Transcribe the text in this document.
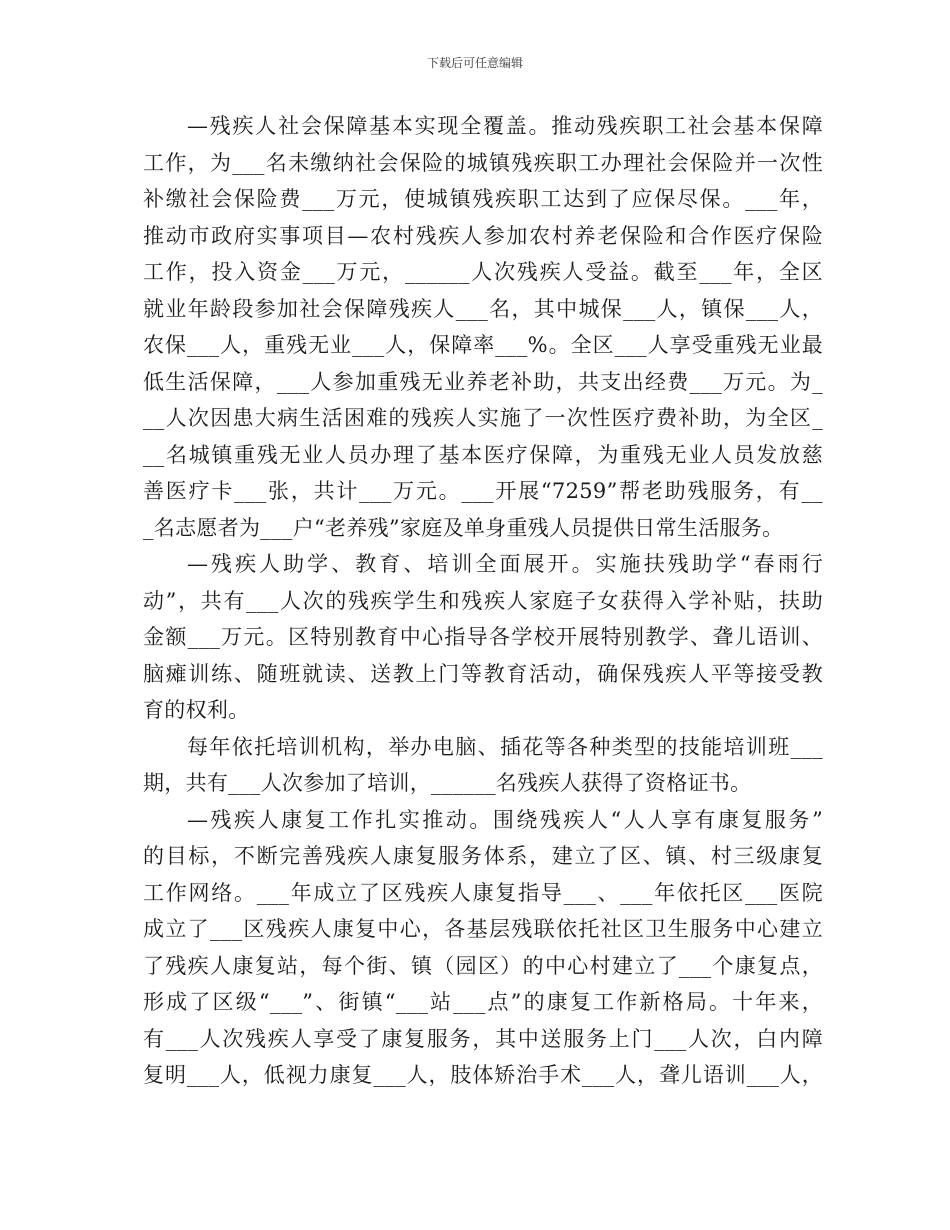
下载后可任意编辑
—残疾人社会保障基本实现全覆盖。推动残疾职工社会基本保障
工作，为___名未缴纳社会保险的城镇残疾职工办理社会保险并一次性
补缴社会保险费___万元，使城镇残疾职工达到了应保尽保。___年，
推动市政府实事项目—农村残疾人参加农村养老保险和合作医疗保险
工作，投入资金___万元，______人次残疾人受益。截至___年，全区
就业年龄段参加社会保障残疾人___名，其中城保___人，镇保___人，
农保___人，重残无业___人，保障率___%。全区___人享受重残无业最
低生活保障，___人参加重残无业养老补助，共支出经费___万元。为_
__人次因患大病生活困难的残疾人实施了一次性医疗费补助，为全区_
__名城镇重残无业人员办理了基本医疗保障，为重残无业人员发放慈
善医疗卡___张，共计___万元。___开展“7259”帮老助残服务，有__
_名志愿者为___户“老养残”家庭及单身重残人员提供日常生活服务。
—残疾人助学、教育、培训全面展开。实施扶残助学“春雨行
动”，共有___人次的残疾学生和残疾人家庭子女获得入学补贴，扶助
金额___万元。区特别教育中心指导各学校开展特别教学、聋儿语训、
脑瘫训练、随班就读、送教上门等教育活动，确保残疾人平等接受教
育的权利。
每年依托培训机构，举办电脑、插花等各种类型的技能培训班___
期，共有___人次参加了培训，______名残疾人获得了资格证书。
—残疾人康复工作扎实推动。围绕残疾人“人人享有康复服务”
的目标，不断完善残疾人康复服务体系，建立了区、镇、村三级康复
工作网络。___年成立了区残疾人康复指导___、___年依托区___医院
成立了___区残疾人康复中心，各基层残联依托社区卫生服务中心建立
了残疾人康复站，每个街、镇（园区）的中心村建立了___个康复点，
形成了区级“___”、街镇“___站___点”的康复工作新格局。十年来，
有___人次残疾人享受了康复服务，其中送服务上门___人次，白内障
复明___人，低视力康复___人，肢体矫治手术___人，聋儿语训___人，
